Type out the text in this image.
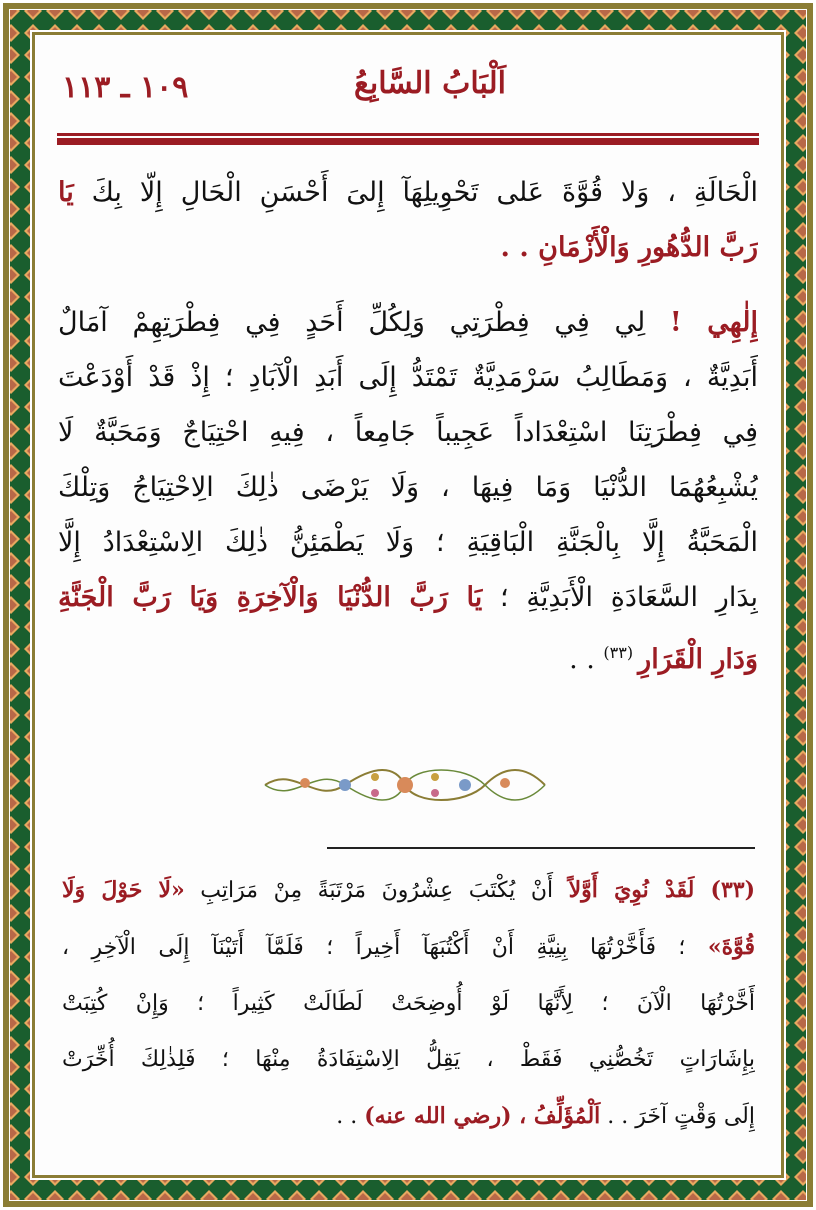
اَلْبَابُ السَّابِعُ
١٠٩ ـ ١١٣
الْحَالَةِ ، وَلا قُوَّةَ عَلى تَحْوِيلِهَآ إِلىَ أَحْسَنِ الْحَالِ إِلّا بِكَ يَا
رَبَّ الدُّهُورِ وَالْأَزْمَانِ . .
إِلٰهِي ! لِي فِي فِطْرَتِي وَلِكُلِّ أَحَدٍ فِي فِطْرَتِهِمْ آمَالٌ
أَبَدِيَّةٌ ، وَمَطَالِبُ سَرْمَدِيَّةٌ تَمْتَدُّ إِلَى أَبَدِ الْآبَادِ ؛ إِذْ قَدْ أَوْدَعْتَ
فِي فِطْرَتِنَا اسْتِعْدَاداً عَجِيباً جَامِعاً ، فِيهِ احْتِيَاجٌ وَمَحَبَّةٌ لَا
يُشْبِعُهُمَا الدُّنْيَا وَمَا فِيهَا ، وَلَا يَرْضَى ذٰلِكَ الِاحْتِيَاجُ وَتِلْكَ
الْمَحَبَّةُ إِلَّا بِالْجَنَّةِ الْبَاقِيَةِ ؛ وَلَا يَطْمَئِنُّ ذٰلِكَ الِاسْتِعْدَادُ إِلَّا
بِدَارِ السَّعَادَةِ الْأَبَدِيَّةِ ؛ يَا رَبَّ الدُّنْيَا وَالْآخِرَةِ وَيَا رَبَّ الْجَنَّةِ
وَدَارِ الْقَرَارِ $^{(٣٣)}$ . .
(٣٣) لَقَدْ نُوِيَ أَوَّلاً أَنْ يُكْتَبَ عِشْرُونَ مَرْتَبَةً مِنْ مَرَاتِبِ «لَا حَوْلَ وَلَا
قُوَّةَ» ؛ فَأَخَّرْتُهَا بِنِيَّةِ أَنْ أَكْتُبَهَآ أَخِيراً ؛ فَلَمَّآ أَتَيْنَآ إِلَى الْآخِرِ ،
أَخَّرْتُهَا الْآنَ ؛ لِأَنَّهَا لَوْ أُوضِحَتْ لَطَالَتْ كَثِيراً ؛ وَإِنْ كُتِبَتْ
بِإِشَارَاتٍ تَخُصُّنِي فَقَطْ ، يَقِلُّ الِاسْتِفَادَةُ مِنْهَا ؛ فَلِذٰلِكَ أُخِّرَتْ
إِلَى وَقْتٍ آخَرَ . . اَلْمُؤَلِّفُ ، (رضي الله عنه) . .
